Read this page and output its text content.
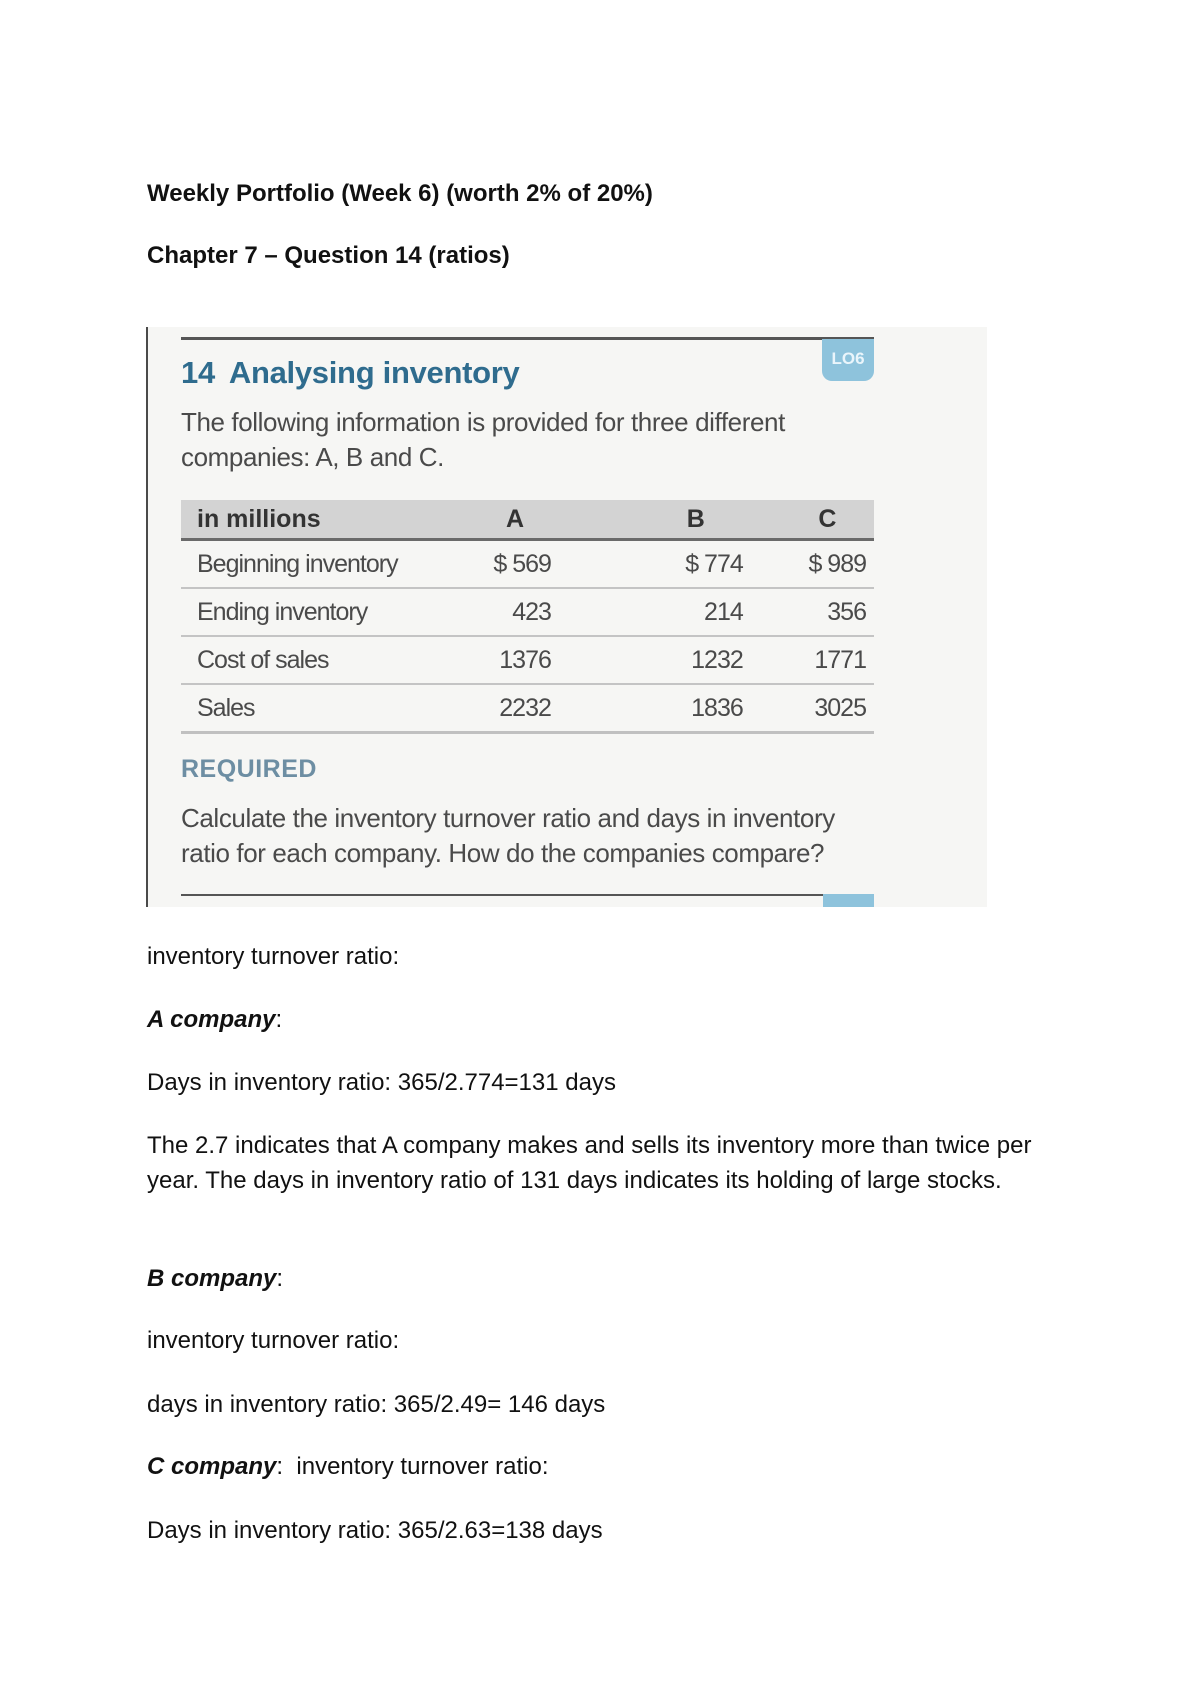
Weekly Portfolio (Week 6) (worth 2% of 20%)

Chapter 7 – Question 14 (ratios)

LO6
14 Analysing inventory

The following information is provided for three different companies: A, B and C.

in millions	A	B	C
Beginning inventory	$ 569	$ 774	$ 989
Ending inventory	423	214	356
Cost of sales	1376	1232	1771
Sales	2232	1836	3025
REQUIRED

Calculate the inventory turnover ratio and days in inventory ratio for each company. How do the companies compare?

inventory turnover ratio:

A company:

Days in inventory ratio: 365/2.774=131 days

The 2.7 indicates that A company makes and sells its inventory more than twice per year. The days in inventory ratio of 131 days indicates its holding of large stocks.

B company:

inventory turnover ratio:

days in inventory ratio: 365/2.49= 146 days

C company:  inventory turnover ratio:

Days in inventory ratio: 365/2.63=138 days
